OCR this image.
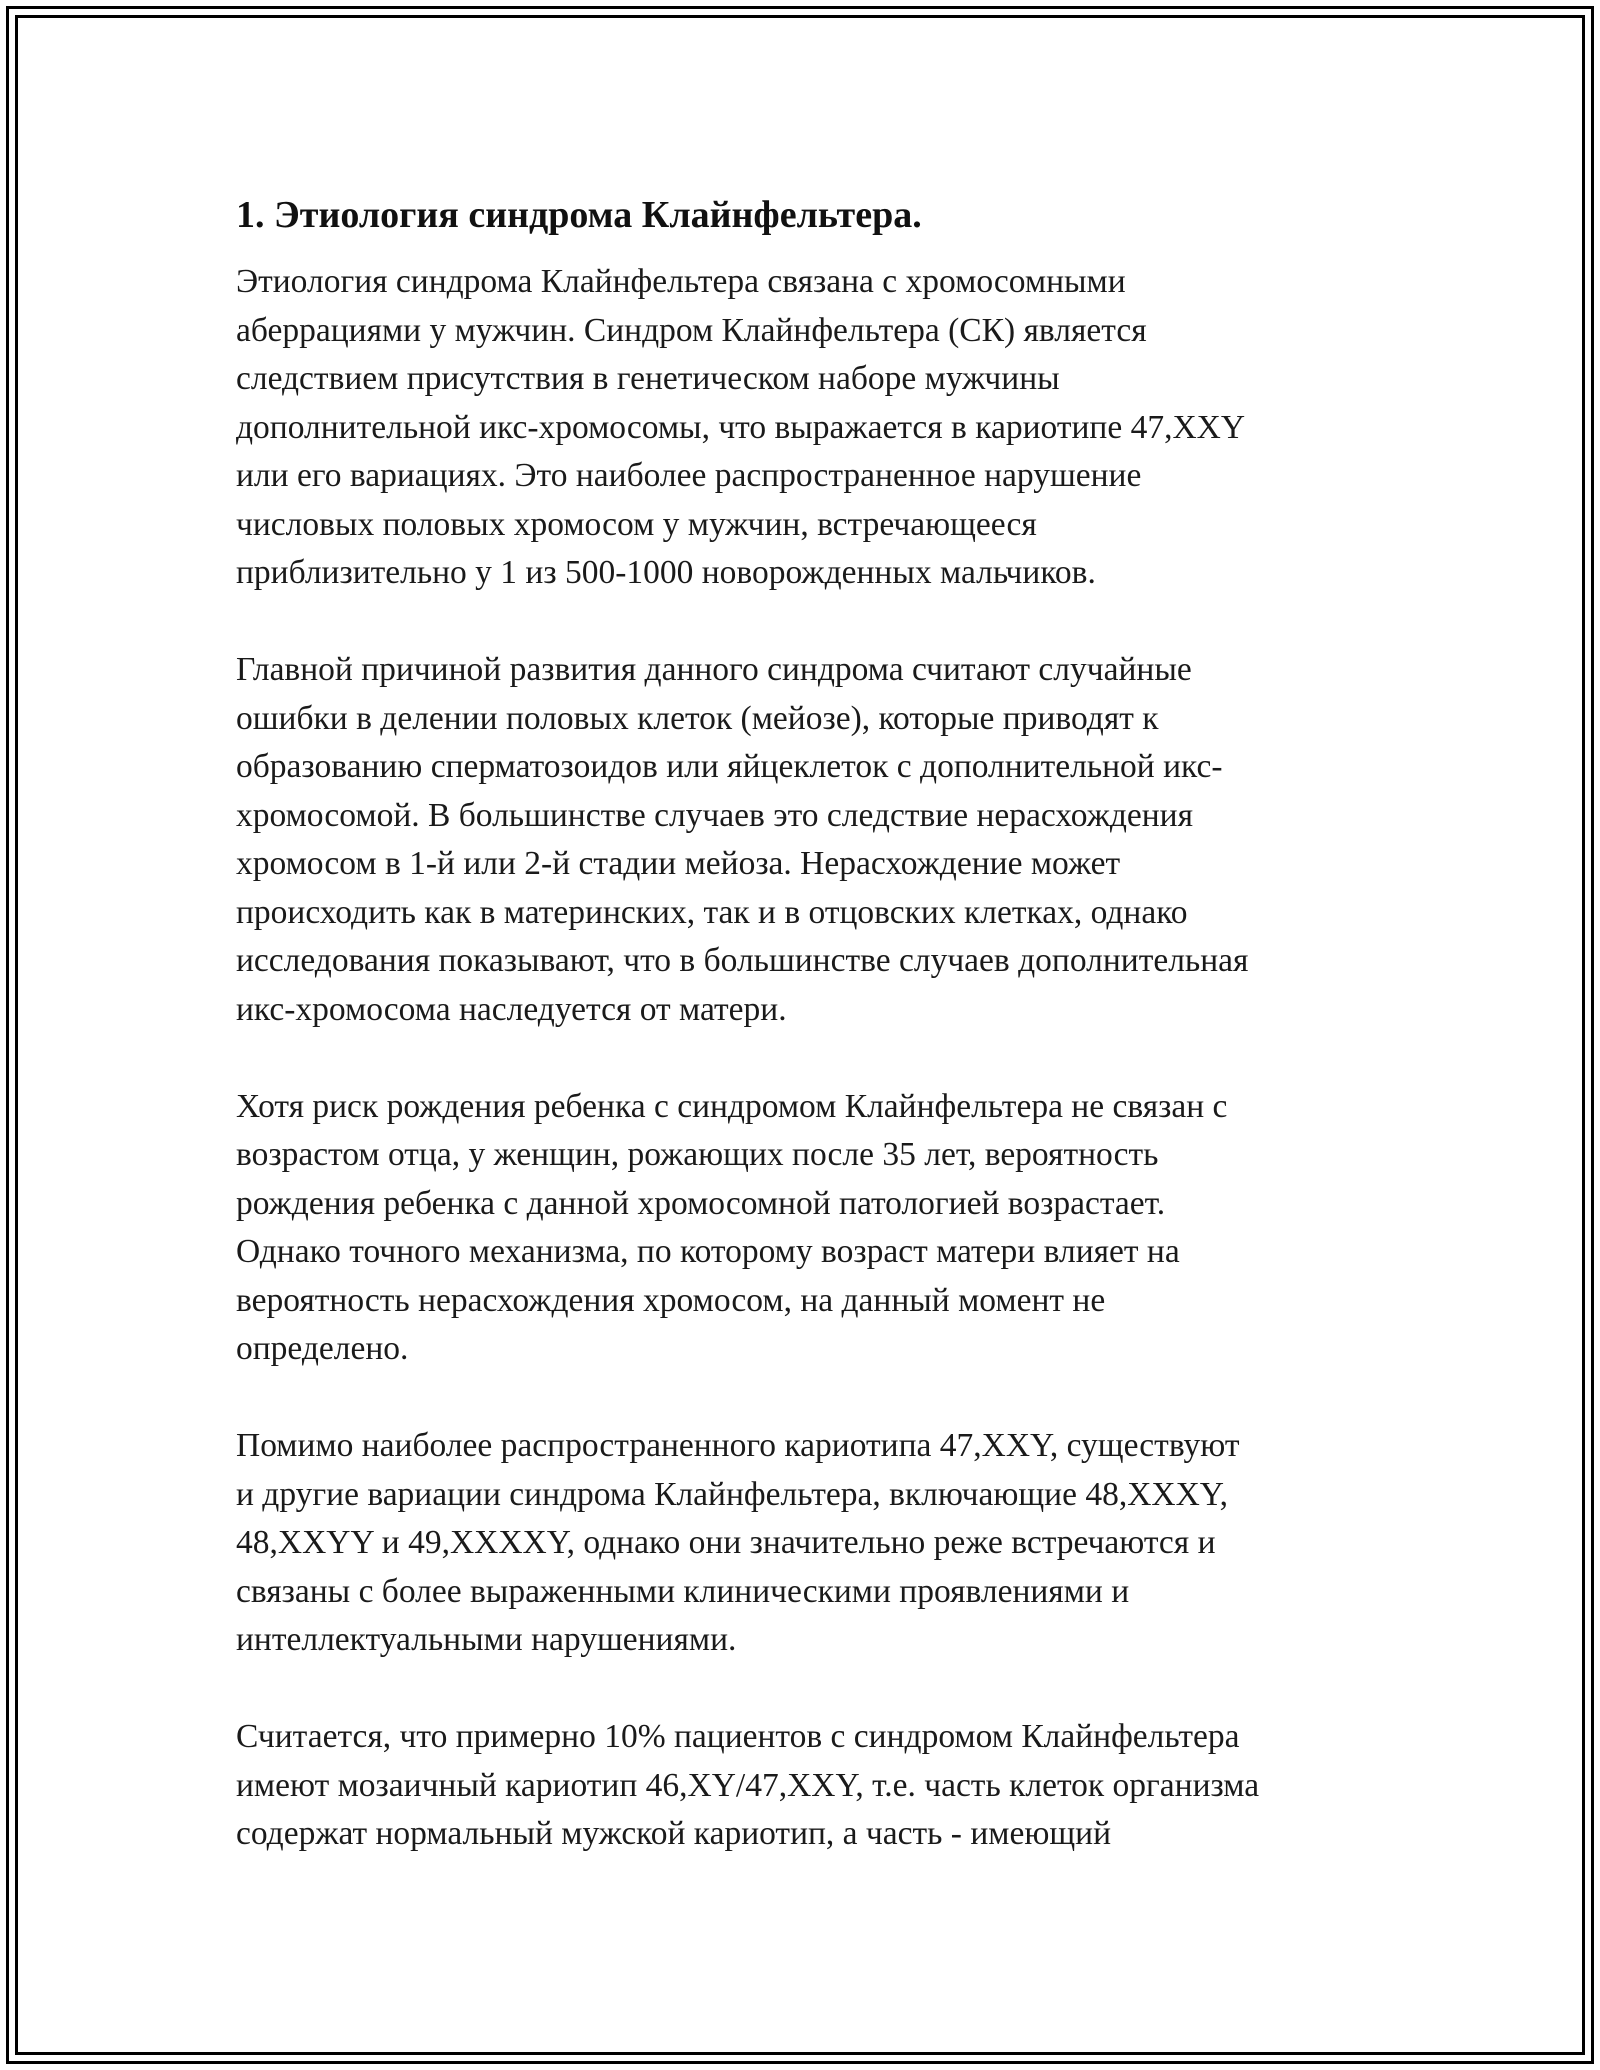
1. Этиология синдрома Клайнфельтера.

Этиология синдрома Клайнфельтера связана с хромосомными
аберрациями у мужчин. Синдром Клайнфельтера (СК) является
следствием присутствия в генетическом наборе мужчины
дополнительной икс-хромосомы, что выражается в кариотипе 47,XXY
или его вариациях. Это наиболее распространенное нарушение
числовых половых хромосом у мужчин, встречающееся
приблизительно у 1 из 500-1000 новорожденных мальчиков.

Главной причиной развития данного синдрома считают случайные
ошибки в делении половых клеток (мейозе), которые приводят к
образованию сперматозоидов или яйцеклеток с дополнительной икс-
хромосомой. В большинстве случаев это следствие нерасхождения
хромосом в 1-й или 2-й стадии мейоза. Нерасхождение может
происходить как в материнских, так и в отцовских клетках, однако
исследования показывают, что в большинстве случаев дополнительная
икс-хромосома наследуется от матери.

Хотя риск рождения ребенка с синдромом Клайнфельтера не связан с
возрастом отца, у женщин, рожающих после 35 лет, вероятность
рождения ребенка с данной хромосомной патологией возрастает.
Однако точного механизма, по которому возраст матери влияет на
вероятность нерасхождения хромосом, на данный момент не
определено.

Помимо наиболее распространенного кариотипа 47,XXY, существуют
и другие вариации синдрома Клайнфельтера, включающие 48,XXXY,
48,XXYY и 49,XXXXY, однако они значительно реже встречаются и
связаны с более выраженными клиническими проявлениями и
интеллектуальными нарушениями.

Считается, что примерно 10% пациентов с синдромом Клайнфельтера
имеют мозаичный кариотип 46,XY/47,XXY, т.е. часть клеток организма
содержат нормальный мужской кариотип, а часть - имеющий
